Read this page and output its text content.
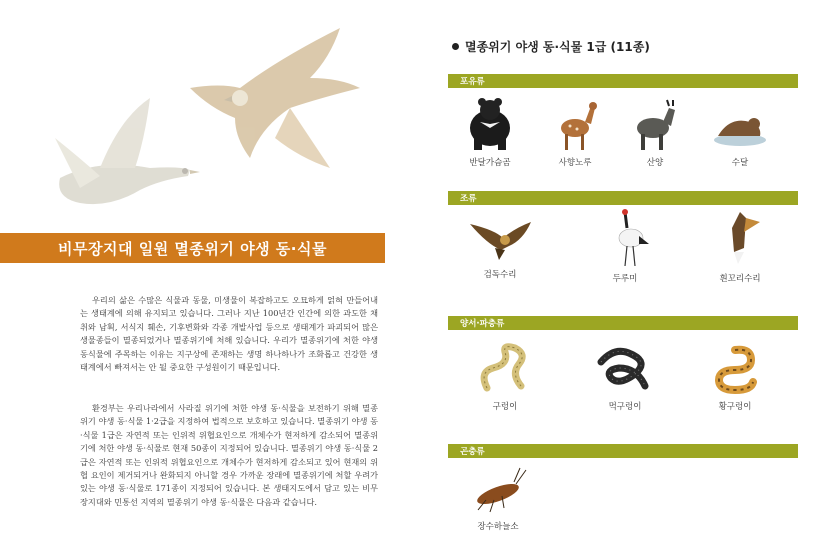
비무장지대 일원 멸종위기 야생 동·식물

우리의 삶은 수많은 식물과 동물, 미생물이 복잡하고도 오묘하게 얽혀 만들어내는 생태계에 의해 유지되고 있습니다. 그러나 지난 100년간 인간에 의한 과도한 채취와 남획, 서식지 훼손, 기후변화와 각종 개발사업 등으로 생태계가 파괴되어 많은 생물종들이 멸종되었거나 멸종위기에 처해 있습니다. 우리가 멸종위기에 처한 야생 동식물에 주목하는 이유는 지구상에 존재하는 생명 하나하나가 조화롭고 건강한 생태계에서 빠져서는 안 될 중요한 구성원이기 때문입니다.

환경부는 우리나라에서 사라질 위기에 처한 야생 동·식물을 보전하기 위해 멸종위기 야생 동·식물 1·2급을 지정하여 법적으로 보호하고 있습니다. 멸종위기 야생 동·식물 1급은 자연적 또는 인위적 위협요인으로 개체수가 현저하게 감소되어 멸종위기에 처한 야생 동·식물로 현재 50종이 지정되어 있습니다. 멸종위기 야생 동·식물 2급은 자연적 또는 인위적 위협요인으로 개체수가 현저하게 감소되고 있어 현재의 위협 요인이 제거되거나 완화되지 아니할 경우 가까운 장래에 멸종위기에 처할 우려가 있는 야생 동·식물로 171종이 지정되어 있습니다. 본 생태지도에서 담고 있는 비무장지대와 민통선 지역의 멸종위기 야생 동·식물은 다음과 같습니다.

멸종위기 야생 동·식물 1급 (11종)
포유류
반달가슴곰	사향노루	산양	수달
조류
검독수리	두루미	흰꼬리수리
양서·파충류
구렁이	먹구렁이	황구렁이
곤충류
장수하늘소
